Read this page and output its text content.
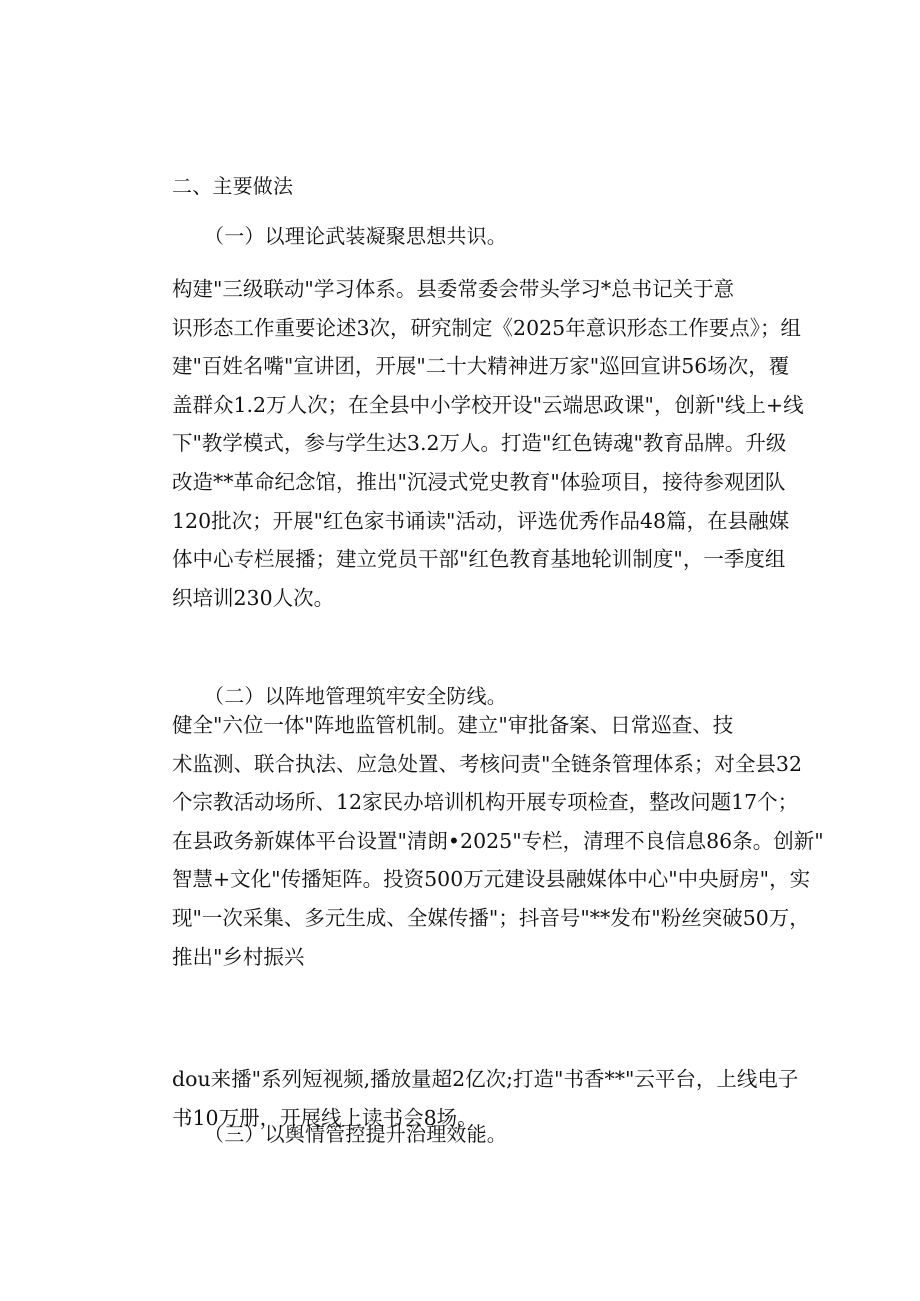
二、主要做法
（一）以理论武装凝聚思想共识。
构建"三级联动"学习体系。县委常委会带头学习*总书记关于意
识形态工作重要论述3次，研究制定《2025年意识形态工作要点》；组
建"百姓名嘴"宣讲团，开展"二十大精神进万家"巡回宣讲56场次，覆
盖群众1.2万人次；在全县中小学校开设"云端思政课"，创新"线上+线
下"教学模式，参与学生达3.2万人。打造"红色铸魂"教育品牌。升级
改造**革命纪念馆，推出"沉浸式党史教育"体验项目，接待参观团队
120批次；开展"红色家书诵读"活动，评选优秀作品48篇，在县融媒
体中心专栏展播；建立党员干部"红色教育基地轮训制度"，一季度组
织培训230人次。
（二）以阵地管理筑牢安全防线。
健全"六位一体"阵地监管机制。建立"审批备案、日常巡查、技
术监测、联合执法、应急处置、考核问责"全链条管理体系；对全县32
个宗教活动场所、12家民办培训机构开展专项检查，整改问题17个；
在县政务新媒体平台设置"清朗•2025"专栏，清理不良信息86条。创新"
智慧+文化"传播矩阵。投资500万元建设县融媒体中心"中央厨房"，实
现"一次采集、多元生成、全媒传播"；抖音号"**发布"粉丝突破50万，
推出"乡村振兴
dou来播"系列短视频,播放量超2亿次;打造"书香**"云平台，上线电子
书10万册，开展线上读书会8场。
（三）以舆情管控提升治理效能。
